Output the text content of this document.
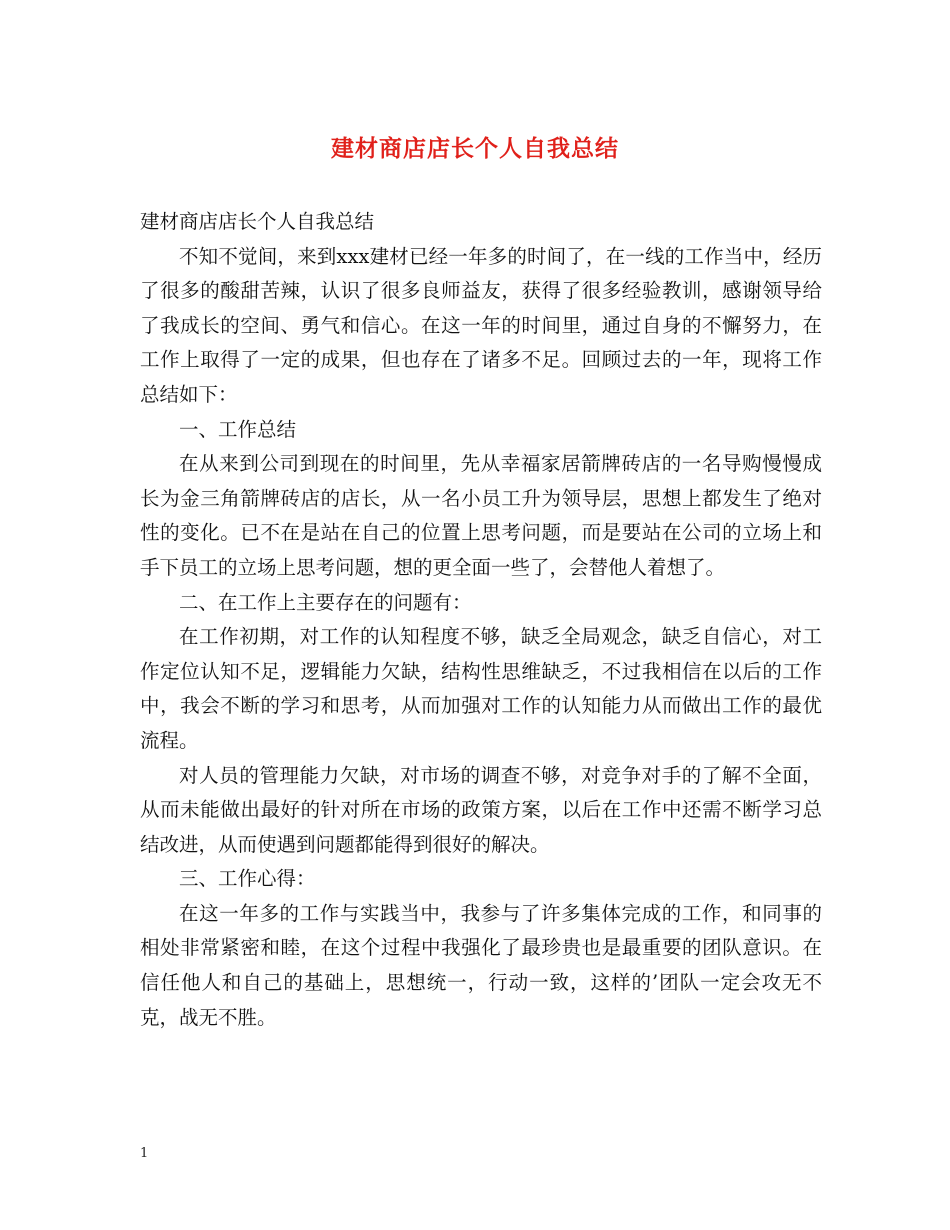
建材商店店长个人自我总结

建材商店店长个人自我总结

不知不觉间，来到xxx建材已经一年多的时间了，在一线的工作当中，经历了很多的酸甜苦辣，认识了很多良师益友，获得了很多经验教训，感谢领导给了我成长的空间、勇气和信心。在这一年的时间里，通过自身的不懈努力，在工作上取得了一定的成果，但也存在了诸多不足。回顾过去的一年，现将工作总结如下：

一、工作总结

在从来到公司到现在的时间里，先从幸福家居箭牌砖店的一名导购慢慢成长为金三角箭牌砖店的店长，从一名小员工升为领导层，思想上都发生了绝对性的变化。已不在是站在自己的位置上思考问题，而是要站在公司的立场上和手下员工的立场上思考问题，想的更全面一些了，会替他人着想了。

二、在工作上主要存在的问题有：

在工作初期，对工作的认知程度不够，缺乏全局观念，缺乏自信心，对工作定位认知不足，逻辑能力欠缺，结构性思维缺乏，不过我相信在以后的工作中，我会不断的学习和思考，从而加强对工作的认知能力从而做出工作的最优流程。

对人员的管理能力欠缺，对市场的调查不够，对竞争对手的了解不全面，从而未能做出最好的针对所在市场的政策方案，以后在工作中还需不断学习总结改进，从而使遇到问题都能得到很好的解决。

三、工作心得：

在这一年多的工作与实践当中，我参与了许多集体完成的工作，和同事的相处非常紧密和睦，在这个过程中我强化了最珍贵也是最重要的团队意识。在信任他人和自己的基础上，思想统一，行动一致，这样的’团队一定会攻无不克，战无不胜。

1
